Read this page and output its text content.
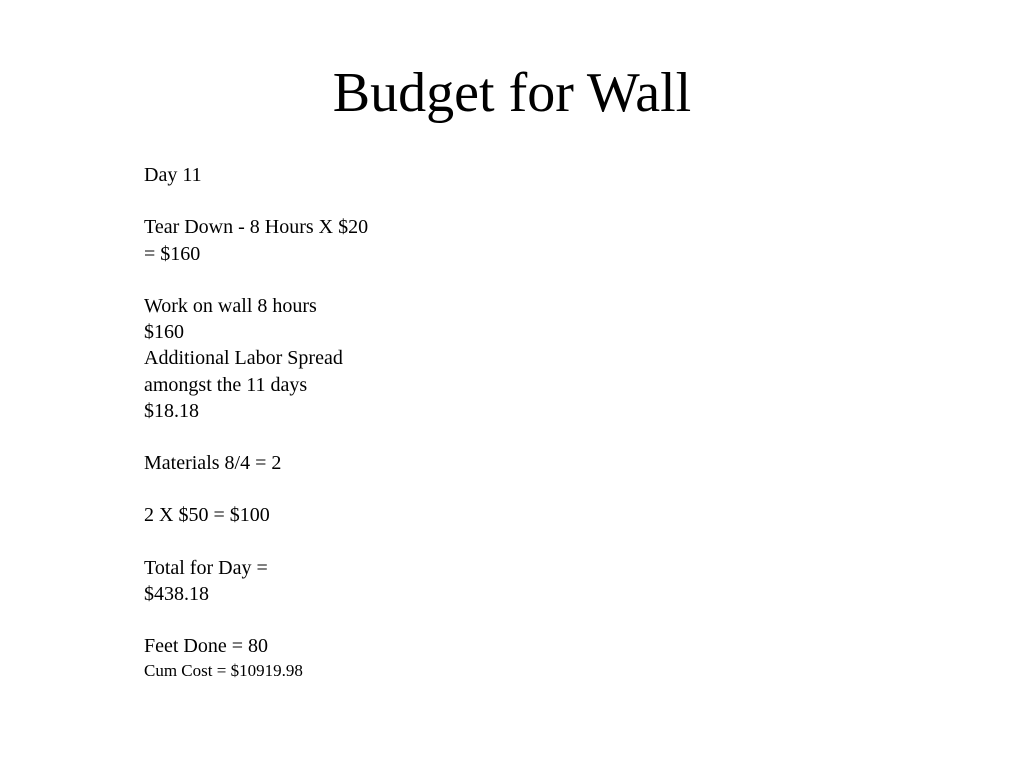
Budget for Wall
Day 11
Tear Down - 8 Hours X $20
= $160
Work on wall 8 hours
$160
Additional Labor Spread
amongst the 11 days
$18.18
Materials 8/4 = 2
2 X $50 = $100
Total for Day =
$438.18
Feet Done = 80
Cum Cost = $10919.98
